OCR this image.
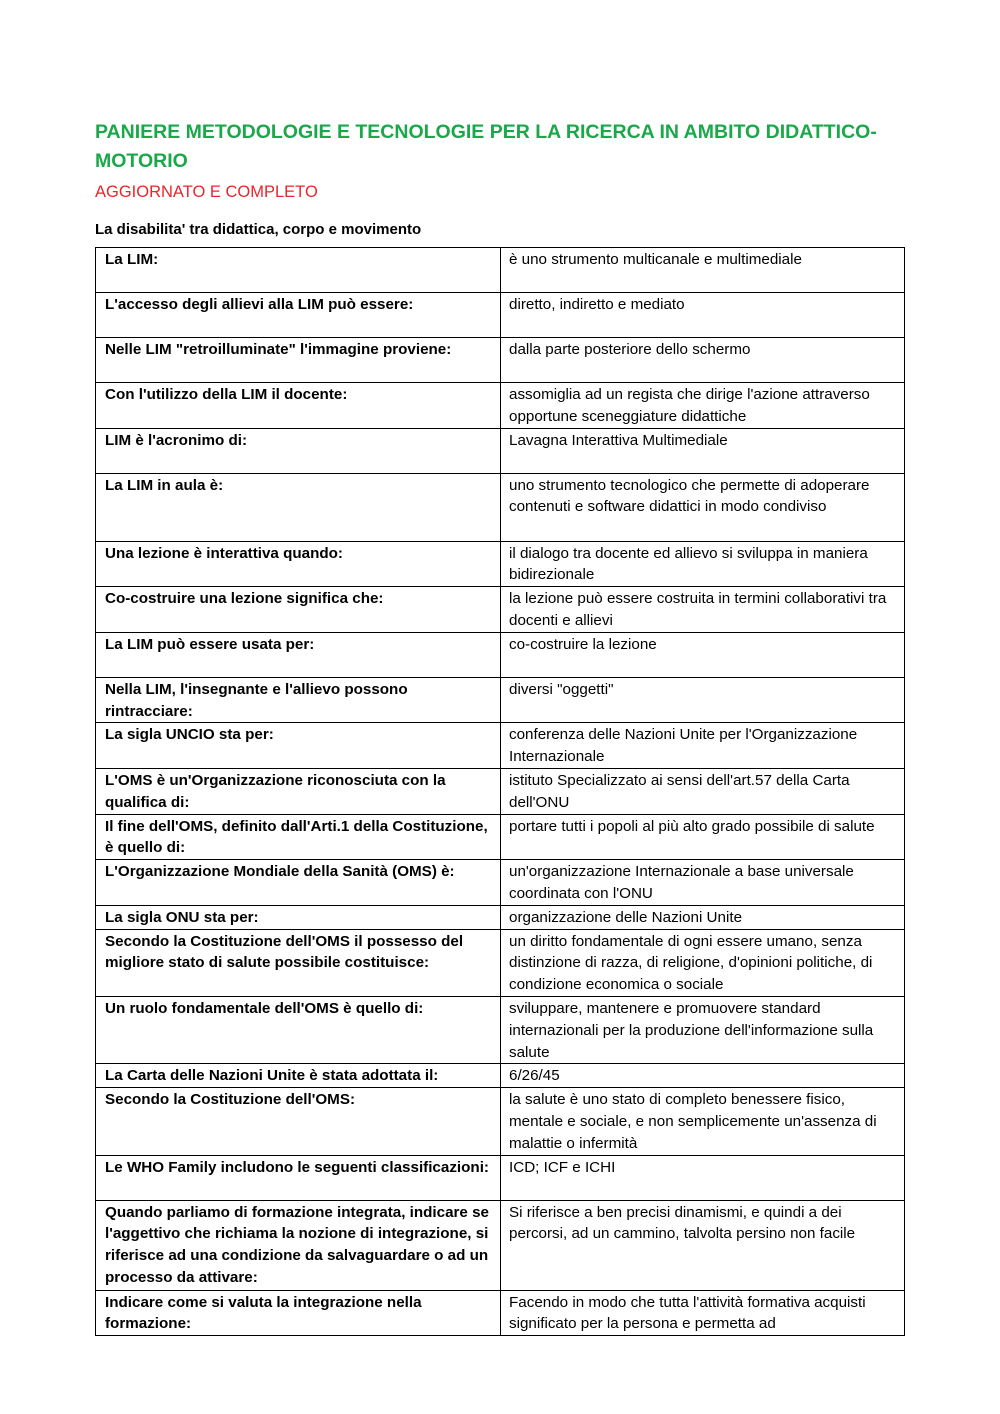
PANIERE METODOLOGIE E TECNOLOGIE PER LA RICERCA IN AMBITO DIDATTICO-MOTORIO
AGGIORNATO E COMPLETO
La disabilita' tra didattica, corpo e movimento
La LIM:	è uno strumento multicanale e multimediale
L'accesso degli allievi alla LIM può essere:	diretto, indiretto e mediato
Nelle LIM "retroilluminate" l'immagine proviene:	dalla parte posteriore dello schermo
Con l'utilizzo della LIM il docente:	assomiglia ad un regista che dirige l'azione attraverso opportune sceneggiature didattiche
LIM è l'acronimo di:	Lavagna Interattiva Multimediale
La LIM in aula è:	uno strumento tecnologico che permette di adoperare contenuti e software didattici in modo condiviso
Una lezione è interattiva quando:	il dialogo tra docente ed allievo si sviluppa in maniera bidirezionale
Co-costruire una lezione significa che:	la lezione può essere costruita in termini collaborativi tra docenti e allievi
La LIM può essere usata per:	co-costruire la lezione
Nella LIM, l'insegnante e l'allievo possono rintracciare:	diversi "oggetti"
La sigla UNCIO sta per:	conferenza delle Nazioni Unite per l'Organizzazione Internazionale
L'OMS è un'Organizzazione riconosciuta con la qualifica di:	istituto Specializzato ai sensi dell'art.57 della Carta dell'ONU
Il fine dell'OMS, definito dall'Arti.1 della Costituzione, è quello di:	portare tutti i popoli al più alto grado possibile di salute
L'Organizzazione Mondiale della Sanità (OMS) è:	un'organizzazione Internazionale a base universale coordinata con l'ONU
La sigla ONU sta per:	organizzazione delle Nazioni Unite
Secondo la Costituzione dell'OMS il possesso del migliore stato di salute possibile costituisce:	un diritto fondamentale di ogni essere umano, senza distinzione di razza, di religione, d'opinioni politiche, di condizione economica o sociale
Un ruolo fondamentale dell'OMS è quello di:	sviluppare, mantenere e promuovere standard internazionali per la produzione dell'informazione sulla salute
La Carta delle Nazioni Unite è stata adottata il:	6/26/45
Secondo la Costituzione dell'OMS:	la salute è uno stato di completo benessere fisico, mentale e sociale, e non semplicemente un'assenza di malattie o infermità
Le WHO Family includono le seguenti classificazioni:	ICD; ICF e ICHI
Quando parliamo di formazione integrata, indicare se l'aggettivo che richiama la nozione di integrazione, si riferisce ad una condizione da salvaguardare o ad un processo da attivare:	Si riferisce a ben precisi dinamismi, e quindi a dei percorsi, ad un cammino, talvolta persino non facile
Indicare come si valuta la integrazione nella formazione:	Facendo in modo che tutta l'attività formativa acquisti significato per la persona e permetta ad
